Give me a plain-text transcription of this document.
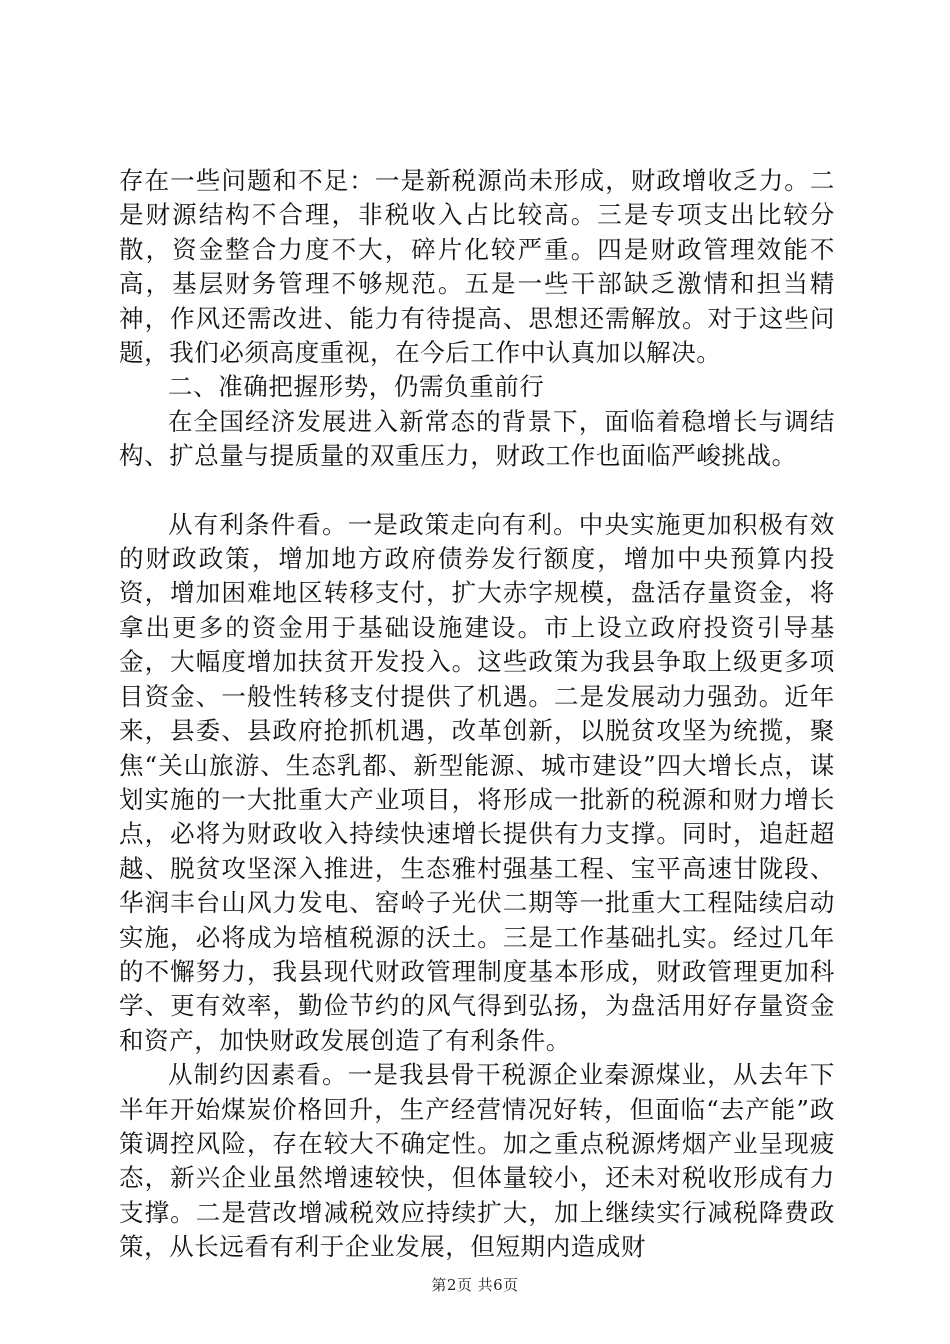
存在一些问题和不足：一是新税源尚未形成，财政增收乏力。二是财源结构不合理，非税收入占比较高。三是专项支出比较分散，资金整合力度不大，碎片化较严重。四是财政管理效能不高，基层财务管理不够规范。五是一些干部缺乏激情和担当精神，作风还需改进、能力有待提高、思想还需解放。对于这些问题，我们必须高度重视，在今后工作中认真加以解决。

二、准确把握形势，仍需负重前行

在全国经济发展进入新常态的背景下，面临着稳增长与调结构、扩总量与提质量的双重压力，财政工作也面临严峻挑战。

从有利条件看。一是政策走向有利。中央实施更加积极有效的财政政策，增加地方政府债券发行额度，增加中央预算内投资，增加困难地区转移支付，扩大赤字规模，盘活存量资金，将拿出更多的资金用于基础设施建设。市上设立政府投资引导基金，大幅度增加扶贫开发投入。这些政策为我县争取上级更多项目资金、一般性转移支付提供了机遇。二是发展动力强劲。近年来，县委、县政府抢抓机遇，改革创新，以脱贫攻坚为统揽，聚焦“关山旅游、生态乳都、新型能源、城市建设”四大增长点，谋划实施的一大批重大产业项目，将形成一批新的税源和财力增长点，必将为财政收入持续快速增长提供有力支撑。同时，追赶超越、脱贫攻坚深入推进，生态雅村强基工程、宝平高速甘陇段、华润丰台山风力发电、窑岭子光伏二期等一批重大工程陆续启动实施，必将成为培植税源的沃土。三是工作基础扎实。经过几年的不懈努力，我县现代财政管理制度基本形成，财政管理更加科学、更有效率，勤俭节约的风气得到弘扬，为盘活用好存量资金和资产，加快财政发展创造了有利条件。

从制约因素看。一是我县骨干税源企业秦源煤业，从去年下半年开始煤炭价格回升，生产经营情况好转，但面临“去产能”政策调控风险，存在较大不确定性。加之重点税源烤烟产业呈现疲态，新兴企业虽然增速较快，但体量较小，还未对税收形成有力支撑。二是营改增减税效应持续扩大，加上继续实行减税降费政策，从长远看有利于企业发展，但短期内造成财

第2页 共6页
